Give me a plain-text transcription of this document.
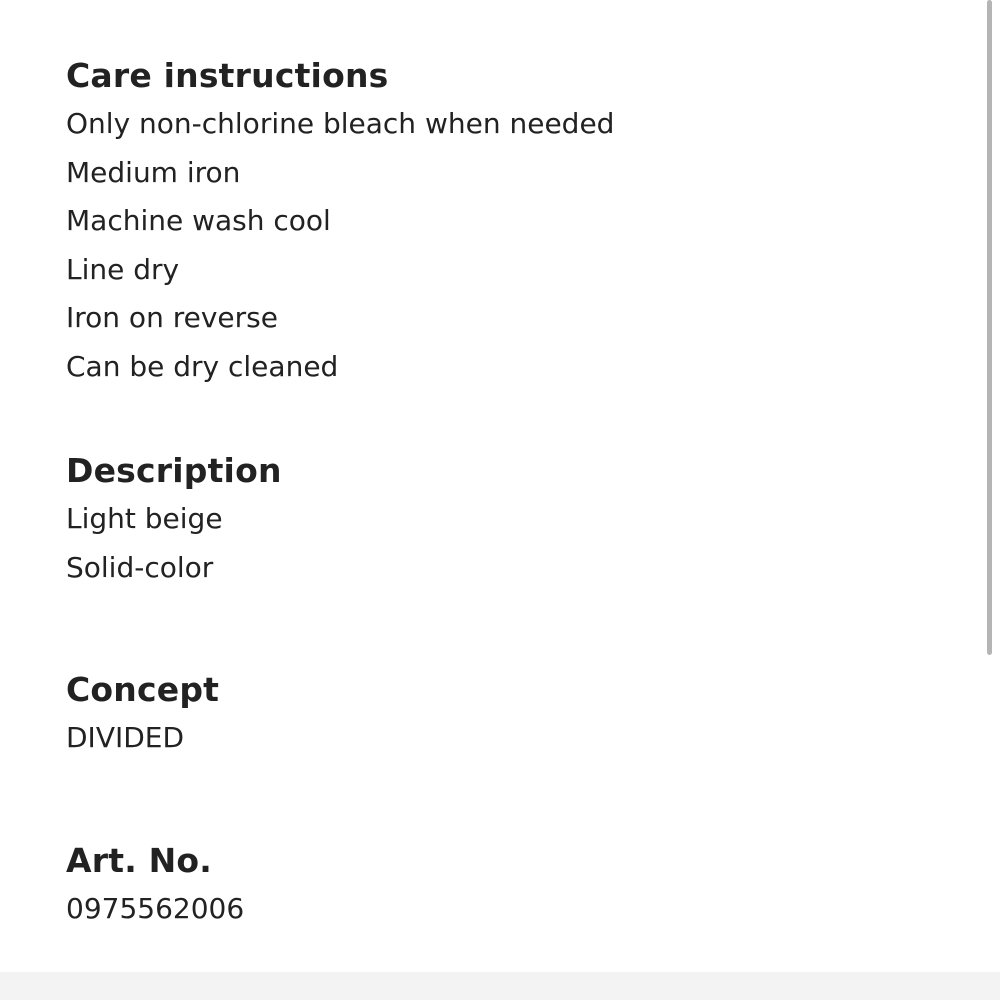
Care instructions
Only non-chlorine bleach when needed
Medium iron
Machine wash cool
Line dry
Iron on reverse
Can be dry cleaned
Description
Light beige
Solid-color
Concept
DIVIDED
Art. No.
0975562006
